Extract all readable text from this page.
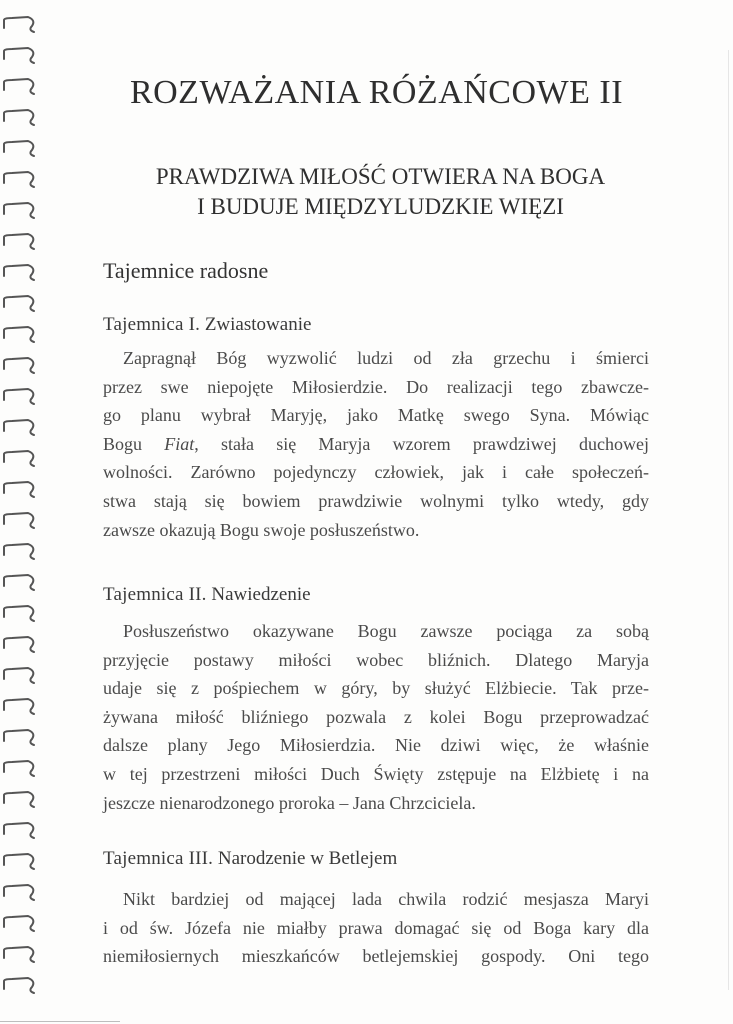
ROZWAŻANIA RÓŻAŃCOWE II
PRAWDZIWA MIŁOŚĆ OTWIERA NA BOGA
I BUDUJE MIĘDZYLUDZKIE WIĘZI
Tajemnice radosne
Tajemnica I. Zwiastowanie

Zapragnął Bóg wyzwolić ludzi od zła grzechu i śmierci
przez swe niepojęte Miłosierdzie. Do realizacji tego zbawcze-
go planu wybrał Maryję, jako Matkę swego Syna. Mówiąc
Bogu Fiat, stała się Maryja wzorem prawdziwej duchowej
wolności. Zarówno pojedynczy człowiek, jak i całe społeczeń-
stwa stają się bowiem prawdziwie wolnymi tylko wtedy, gdy
zawsze okazują Bogu swoje posłuszeństwo.

Tajemnica II. Nawiedzenie

Posłuszeństwo okazywane Bogu zawsze pociąga za sobą
przyjęcie postawy miłości wobec bliźnich. Dlatego Maryja
udaje się z pośpiechem w góry, by służyć Elżbiecie. Tak prze-
żywana miłość bliźniego pozwala z kolei Bogu przeprowadzać
dalsze plany Jego Miłosierdzia. Nie dziwi więc, że właśnie
w tej przestrzeni miłości Duch Święty zstępuje na Elżbietę i na
jeszcze nienarodzonego proroka – Jana Chrzciciela.

Tajemnica III. Narodzenie w Betlejem

Nikt bardziej od mającej lada chwila rodzić mesjasza Maryi
i od św. Józefa nie miałby prawa domagać się od Boga kary dla
niemiłosiernych mieszkańców betlejemskiej gospody. Oni tego
